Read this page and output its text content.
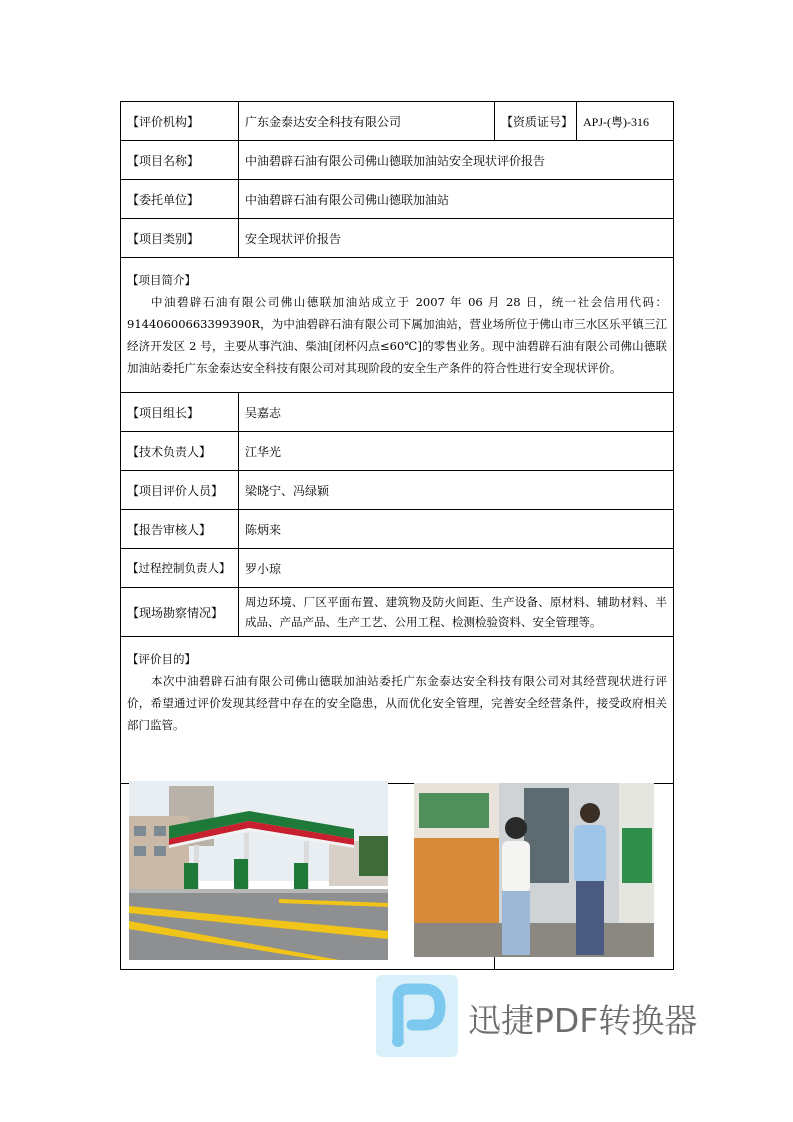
【评价机构】	广东金泰达安全科技有限公司	【资质证号】	APJ-(粤)-316
【项目名称】	中油碧辟石油有限公司佛山德联加油站安全现状评价报告		
【委托单位】	中油碧辟石油有限公司佛山德联加油站		
【项目类别】	安全现状评价报告		

【项目简介】
中油碧辟石油有限公司佛山德联加油站成立于 2007 年 06 月 28 日，统一社会信用代码：91440600663399390R，为中油碧辟石油有限公司下属加油站，营业场所位于佛山市三水区乐平镇三江经济开发区 2 号，主要从事汽油、柴油[闭杯闪点≤60℃]的零售业务。现中油碧辟石油有限公司佛山德联加油站委托广东金泰达安全科技有限公司对其现阶段的安全生产条件的符合性进行安全现状评价。			

【项目组长】	吴嘉志		
【技术负责人】	江华光		
【项目评价人员】	梁晓宁、冯绿颖		
【报告审核人】	陈炳来		
【过程控制负责人】	罗小琼		
【现场勘察情况】	周边环境、厂区平面布置、建筑物及防火间距、生产设备、原材料、辅助材料、半成品、产品产品、生产工艺、公用工程、检测检验资料、安全管理等。		

【评价目的】
本次中油碧辟石油有限公司佛山德联加油站委托广东金泰达安全科技有限公司对其经营现状进行评价，希望通过评价发现其经营中存在的安全隐患，从而优化安全管理，完善安全经营条件，接受政府相关部门监管。			

迅捷PDF转换器
